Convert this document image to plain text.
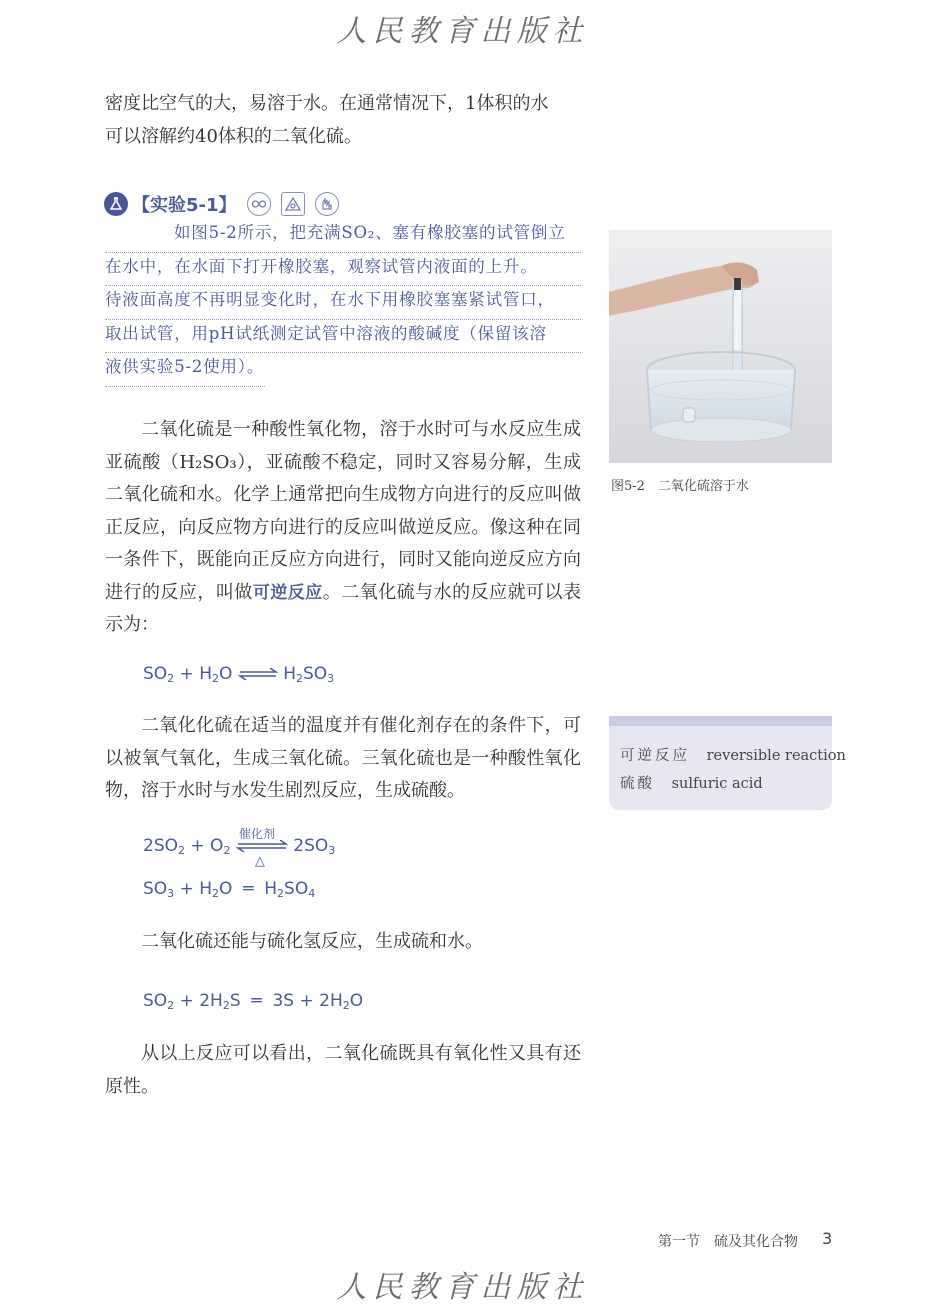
人民教育出版社
密度比空气的大，易溶于水。在通常情况下，1体积的水
可以溶解约40体积的二氧化硫。
【实验5-1】
如图5-2所示，把充满SO₂、塞有橡胶塞的试管倒立
在水中，在水面下打开橡胶塞，观察试管内液面的上升。
待液面高度不再明显变化时，在水下用橡胶塞塞紧试管口，
取出试管，用pH试纸测定试管中溶液的酸碱度（保留该溶
液供实验5-2使用）。
二氧化硫是一种酸性氧化物，溶于水时可与水反应生成亚硫酸（H₂SO₃），亚硫酸不稳定，同时又容易分解，生成二氧化硫和水。化学上通常把向生成物方向进行的反应叫做正反应，向反应物方向进行的反应叫做逆反应。像这种在同一条件下，既能向正反应方向进行，同时又能向逆反应方向进行的反应，叫做可逆反应。二氧化硫与水的反应就可以表示为：
$SO_2 + H_2O$ ⇌ $H_2SO_3$
二氧化化硫在适当的温度并有催化剂存在的条件下，可以被氧气氧化，生成三氧化硫。三氧化硫也是一种酸性氧化物，溶于水时与水发生剧烈反应，生成硫酸。
$2SO_2 + O_2$
催化剂
△
$2SO_3$
$SO_3 + H_2O$  ═  $H_2SO_4$
二氧化硫还能与硫化氢反应，生成硫和水。
$SO_2 + 2H_2S$  ═  $3S + 2H_2O$
从以上反应可以看出，二氧化硫既具有氧化性又具有还原性。
图5-2　二氧化硫溶于水
可逆反应 reversible reaction
硫酸 sulfuric acid
第一节　硫及其化合物 3
人民教育出版社
